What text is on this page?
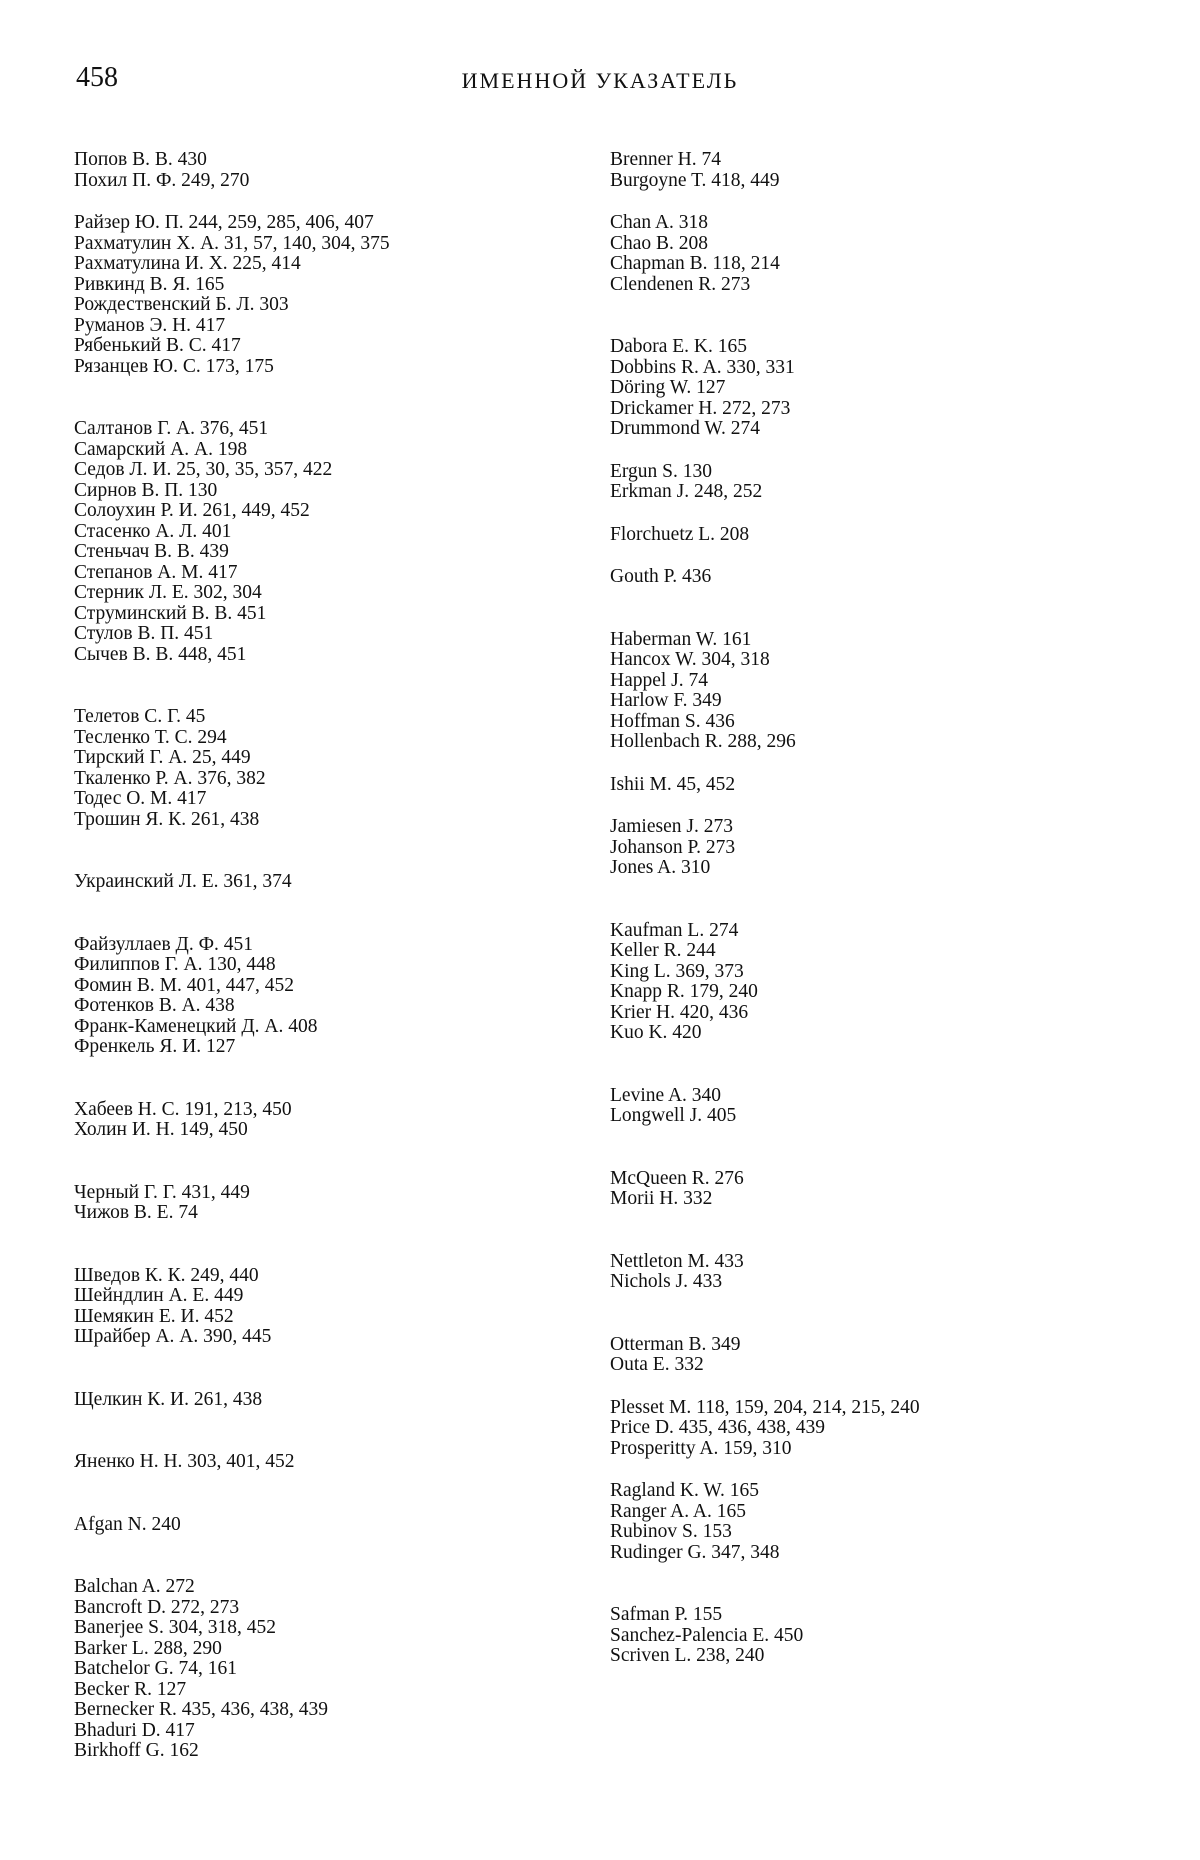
458	ИМЕННОЙ УКАЗАТЕЛЬ
Попов В. В. 430
Похил П. Ф. 249, 270
Райзер Ю. П. 244, 259, 285, 406, 407
Рахматулин Х. А. 31, 57, 140, 304, 375
Рахматулина И. Х. 225, 414
Ривкинд В. Я. 165
Рождественский Б. Л. 303
Руманов Э. Н. 417
Рябенький В. С. 417
Рязанцев Ю. С. 173, 175
Салтанов Г. А. 376, 451
Самарский А. А. 198
Седов Л. И. 25, 30, 35, 357, 422
Сирнов В. П. 130
Солоухин Р. И. 261, 449, 452
Стасенко А. Л. 401
Стеньчач В. В. 439
Степанов А. М. 417
Стерник Л. Е. 302, 304
Струминский В. В. 451
Стулов В. П. 451
Сычев В. В. 448, 451
Телетов С. Г. 45
Тесленко Т. С. 294
Тирский Г. А. 25, 449
Ткаленко Р. А. 376, 382
Тодес О. М. 417
Трошин Я. К. 261, 438
Украинский Л. Е. 361, 374
Файзуллаев Д. Ф. 451
Филиппов Г. А. 130, 448
Фомин В. М. 401, 447, 452
Фотенков В. А. 438
Франк-Каменецкий Д. А. 408
Френкель Я. И. 127
Хабеев Н. С. 191, 213, 450
Холин И. Н. 149, 450
Черный Г. Г. 431, 449
Чижов В. Е. 74
Шведов К. К. 249, 440
Шейндлин А. Е. 449
Шемякин Е. И. 452
Шрайбер А. А. 390, 445
Щелкин К. И. 261, 438
Яненко Н. Н. 303, 401, 452
Afgan N. 240
Balchan A. 272
Bancroft D. 272, 273
Banerjee S. 304, 318, 452
Barker L. 288, 290
Batchelor G. 74, 161
Becker R. 127
Bernecker R. 435, 436, 438, 439
Bhaduri D. 417
Birkhoff G. 162
Brenner H. 74
Burgoyne T. 418, 449
Chan A. 318
Chao B. 208
Chapman B. 118, 214
Clendenen R. 273
Dabora E. K. 165
Dobbins R. A. 330, 331
Döring W. 127
Drickamer H. 272, 273
Drummond W. 274
Ergun S. 130
Erkman J. 248, 252
Florchuetz L. 208
Gouth P. 436
Haberman W. 161
Hancox W. 304, 318
Happel J. 74
Harlow F. 349
Hoffman S. 436
Hollenbach R. 288, 296
Ishii M. 45, 452
Jamiesen J. 273
Johanson P. 273
Jones A. 310
Kaufman L. 274
Keller R. 244
King L. 369, 373
Knapp R. 179, 240
Krier H. 420, 436
Kuo K. 420
Levine A. 340
Longwell J. 405
McQueen R. 276
Morii H. 332
Nettleton M. 433
Nichols J. 433
Otterman B. 349
Outa E. 332
Plesset M. 118, 159, 204, 214, 215, 240
Price D. 435, 436, 438, 439
Prosperitty A. 159, 310
Ragland K. W. 165
Ranger A. A. 165
Rubinov S. 153
Rudinger G. 347, 348
Safman P. 155
Sanchez-Palencia E. 450
Scriven L. 238, 240
